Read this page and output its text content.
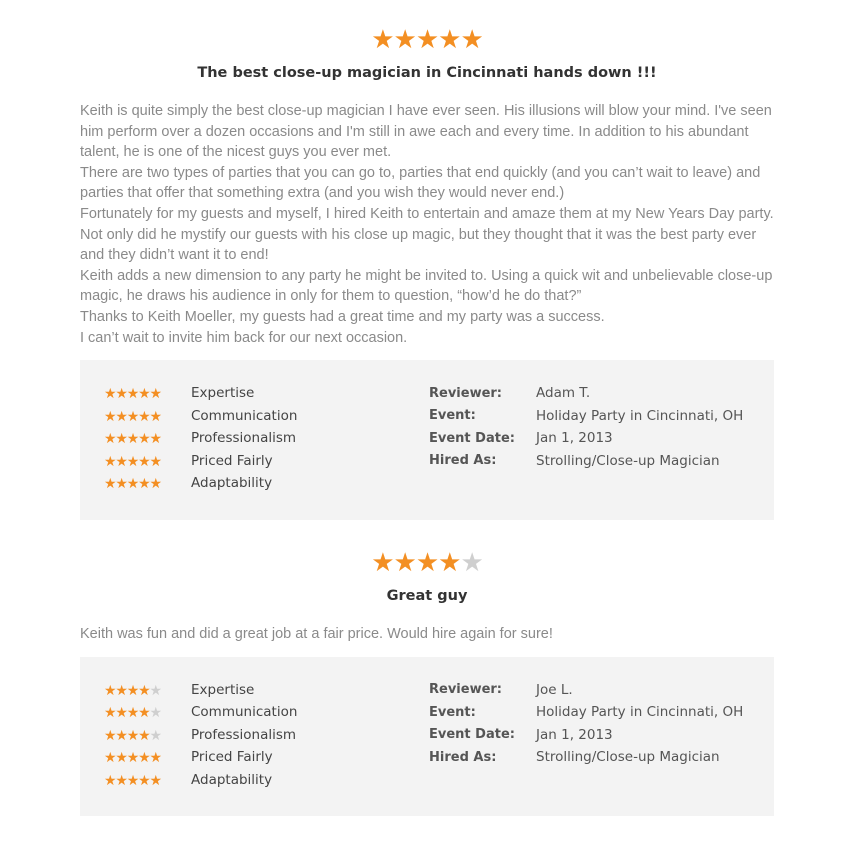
★★★★★
The best close-up magician in Cincinnati hands down !!!

Keith is quite simply the best close-up magician I have ever seen. His illusions will blow your mind. I've seen him perform over a dozen occasions and I'm still in awe each and every time. In addition to his abundant talent, he is one of the nicest guys you ever met.

There are two types of parties that you can go to, parties that end quickly (and you can’t wait to leave) and parties that offer that something extra (and you wish they would never end.)

Fortunately for my guests and myself, I hired Keith to entertain and amaze them at my New Years Day party. Not only did he mystify our guests with his close up magic, but they thought that it was the best party ever and they didn’t want it to end!

Keith adds a new dimension to any party he might be invited to. Using a quick wit and unbelievable close-up magic, he draws his audience in only for them to question, “how’d he do that?”

Thanks to Keith Moeller, my guests had a great time and my party was a success.

I can’t wait to invite him back for our next occasion.

★★★★★	Expertise
★★★★★	Communication
★★★★★	Professionalism
★★★★★	Priced Fairly
★★★★★	Adaptability
Reviewer:	Adam T.
Event:	Holiday Party in Cincinnati, OH
Event Date:	Jan 1, 2013
Hired As:	Strolling/Close-up Magician
★★★★★
Great guy

Keith was fun and did a great job at a fair price. Would hire again for sure!

★★★★★	Expertise
★★★★★	Communication
★★★★★	Professionalism
★★★★★	Priced Fairly
★★★★★	Adaptability
Reviewer:	Joe L.
Event:	Holiday Party in Cincinnati, OH
Event Date:	Jan 1, 2013
Hired As:	Strolling/Close-up Magician
